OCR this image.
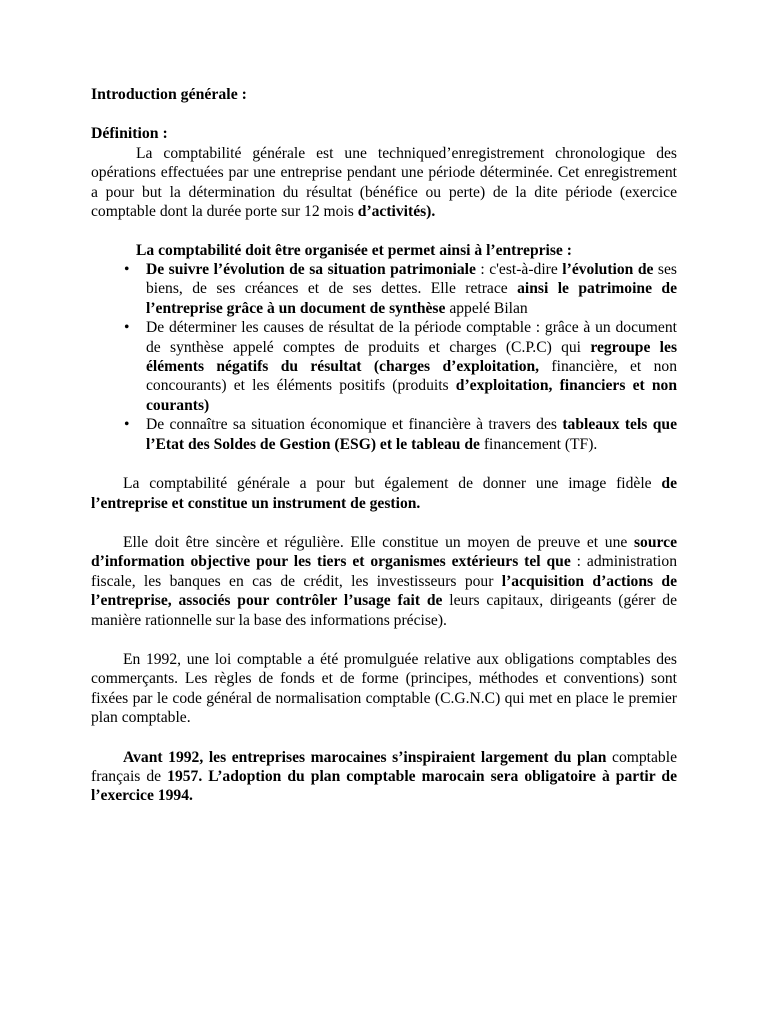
Introduction générale :
Définition :

La comptabilité générale est une techniqued’enregistrement chronologique des opérations effectuées par une entreprise pendant une période déterminée. Cet enregistrement a pour but la détermination du résultat (bénéfice ou perte) de la dite période (exercice comptable dont la durée porte sur 12 mois d’activités).

La comptabilité doit être organisée et permet ainsi à l’entreprise :

• De suivre l’évolution de sa situation patrimoniale : c'est-à-dire l’évolution de ses biens, de ses créances et de ses dettes. Elle retrace ainsi le patrimoine de l’entreprise grâce à un document de synthèse appelé Bilan
• De déterminer les causes de résultat de la période comptable : grâce à un document de synthèse appelé comptes de produits et charges (C.P.C) qui regroupe les éléments négatifs du résultat (charges d’exploitation, financière, et non concourants) et les éléments positifs (produits d’exploitation, financiers et non courants)
• De connaître sa situation économique et financière à travers des tableaux tels que l’Etat des Soldes de Gestion (ESG) et le tableau de financement (TF).

La comptabilité générale a pour but également de donner une image fidèle de l’entreprise et constitue un instrument de gestion.

Elle doit être sincère et régulière. Elle constitue un moyen de preuve et une source d’information objective pour les tiers et organismes extérieurs tel que : administration fiscale, les banques en cas de crédit, les investisseurs pour l’acquisition d’actions de l’entreprise, associés pour contrôler l’usage fait de leurs capitaux, dirigeants (gérer de manière rationnelle sur la base des informations précise).

En 1992, une loi comptable a été promulguée relative aux obligations comptables des commerçants. Les règles de fonds et de forme (principes, méthodes et conventions) sont fixées par le code général de normalisation comptable (C.G.N.C) qui met en place le premier plan comptable.

Avant 1992, les entreprises marocaines s’inspiraient largement du plan comptable français de 1957. L’adoption du plan comptable marocain sera obligatoire à partir de l’exercice 1994.
